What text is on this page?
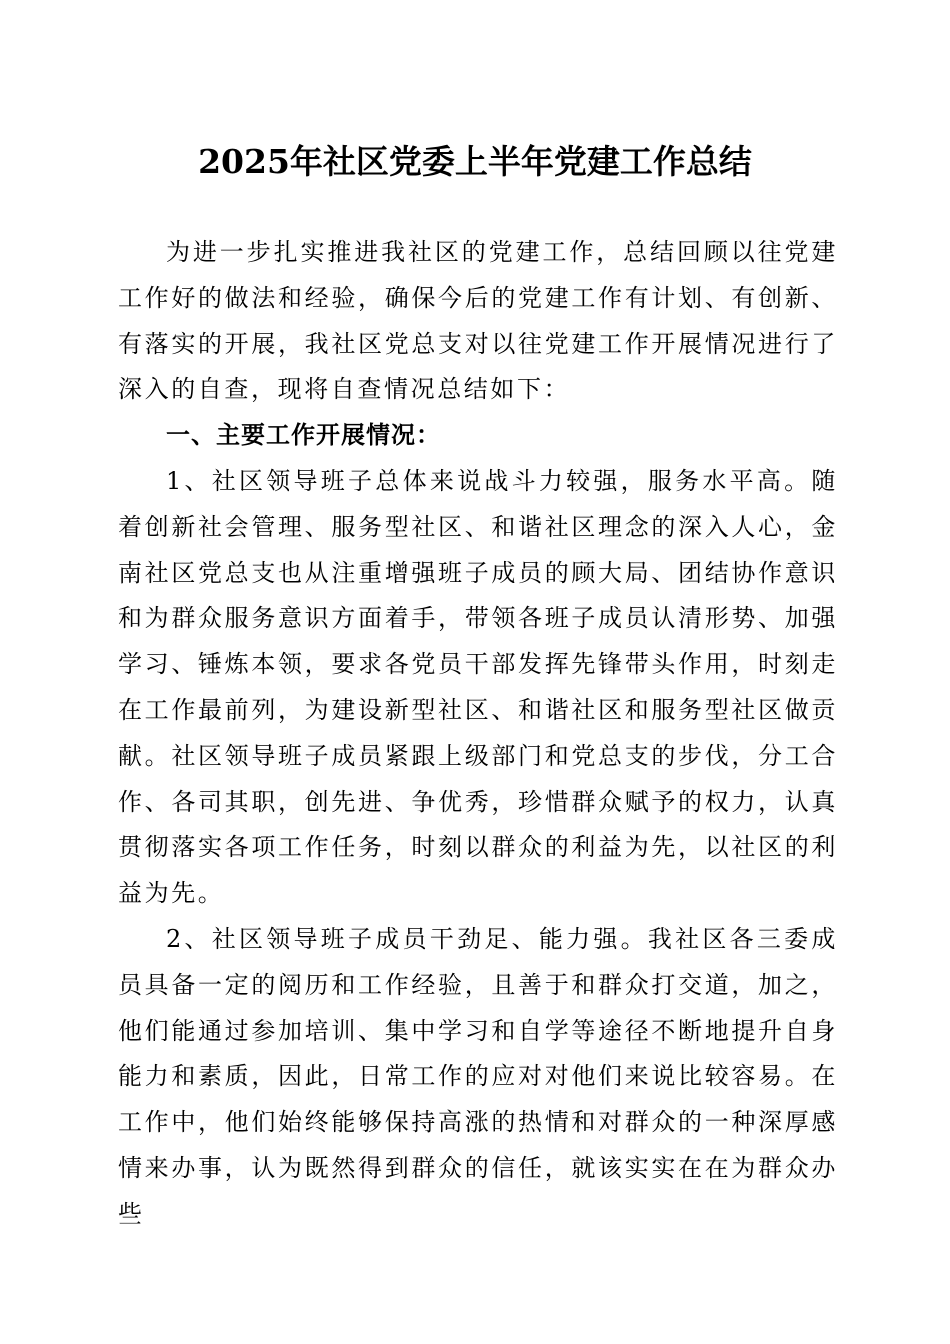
2025年社区党委上半年党建工作总结

为进一步扎实推进我社区的党建工作，总结回顾以往党建工作好的做法和经验，确保今后的党建工作有计划、有创新、有落实的开展，我社区党总支对以往党建工作开展情况进行了深入的自查，现将自查情况总结如下：

一、主要工作开展情况：

1、社区领导班子总体来说战斗力较强，服务水平高。随着创新社会管理、服务型社区、和谐社区理念的深入人心，金南社区党总支也从注重增强班子成员的顾大局、团结协作意识和为群众服务意识方面着手，带领各班子成员认清形势、加强学习、锤炼本领，要求各党员干部发挥先锋带头作用，时刻走在工作最前列，为建设新型社区、和谐社区和服务型社区做贡献。社区领导班子成员紧跟上级部门和党总支的步伐，分工合作、各司其职，创先进、争优秀，珍惜群众赋予的权力，认真贯彻落实各项工作任务，时刻以群众的利益为先，以社区的利益为先。

2、社区领导班子成员干劲足、能力强。我社区各三委成员具备一定的阅历和工作经验，且善于和群众打交道，加之，他们能通过参加培训、集中学习和自学等途径不断地提升自身能力和素质，因此，日常工作的应对对他们来说比较容易。在工作中，他们始终能够保持高涨的热情和对群众的一种深厚感情来办事，认为既然得到群众的信任，就该实实在在为群众办些
